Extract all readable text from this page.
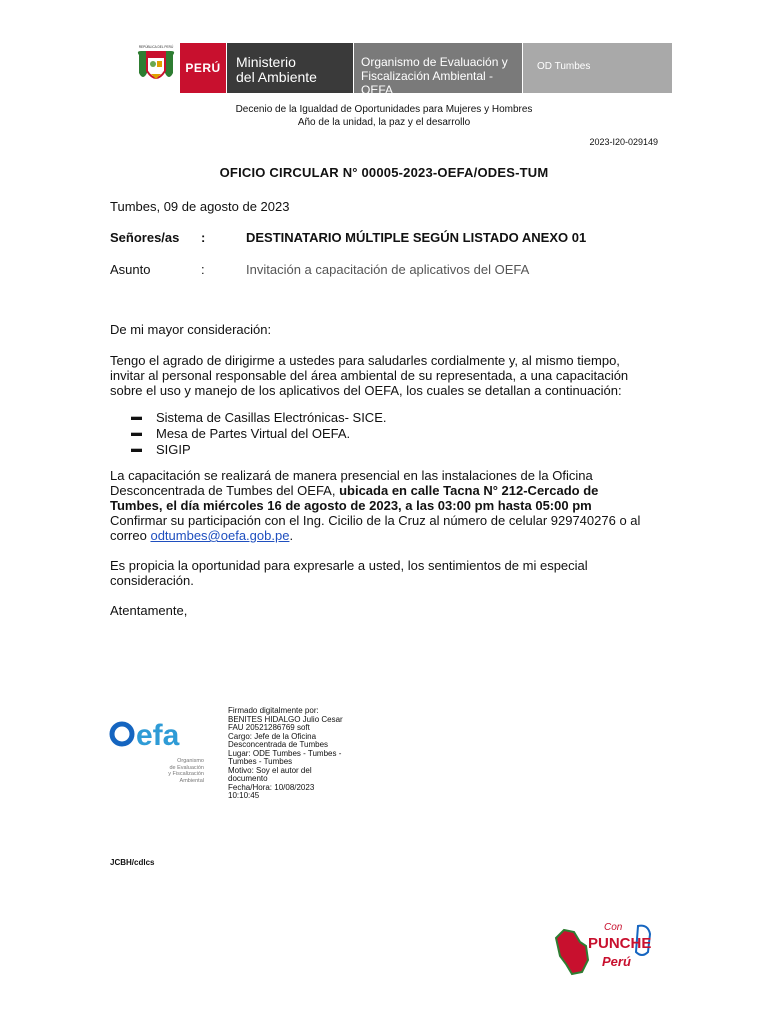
REPÚBLICA DEL PERÚ
PERÚ Ministerio
del Ambiente
Organismo de Evaluación y
Fiscalización Ambiental - OEFA
OD Tumbes
Decenio de la Igualdad de Oportunidades para Mujeres y Hombres
Año de la unidad, la paz y el desarrollo
2023-I20-029149
OFICIO CIRCULAR N° 00005-2023-OEFA/ODES-TUM
Tumbes, 09 de agosto de 2023
Señores/as :	DESTINATARIO MÚLTIPLE SEGÚN LISTADO ANEXO 01
Asunto	:	Invitación a capacitación de aplicativos del OEFA
De mi mayor consideración:
Tengo el agrado de dirigirme a ustedes para saludarles cordialmente y, al mismo tiempo,
invitar al personal responsable del área ambiental de su representada, a una capacitación
sobre el uso y manejo de los aplicativos del OEFA, los cuales se detallan a continuación:
▬ Sistema de Casillas Electrónicas- SICE.
▬ Mesa de Partes Virtual del OEFA.
▬ SIGIP
La capacitación se realizará de manera presencial en las instalaciones de la Oficina
Desconcentrada de Tumbes del OEFA, ubicada en calle Tacna N° 212-Cercado de
Tumbes, el día miércoles 16 de agosto de 2023, a las 03:00 pm hasta 05:00 pm
Confirmar su participación con el Ing. Cicilio de la Cruz al número de celular 929740276 o al
correo odtumbes@oefa.gob.pe.
Es propicia la oportunidad para expresarle a usted, los sentimientos de mi especial
consideración.
Atentamente,
efa
Organismo
de Evaluación
y Fiscalización
Ambiental
Firmado digitalmente por:
BENITES HIDALGO Julio Cesar
FAU 20521286769 soft
Cargo: Jefe de la Oficina
Desconcentrada de Tumbes
Lugar: ODE Tumbes - Tumbes -
Tumbes - Tumbes
Motivo: Soy el autor del
documento
Fecha/Hora: 10/08/2023
10:10:45
JCBH/cdlcs
Con
PUNCHE
Perú
